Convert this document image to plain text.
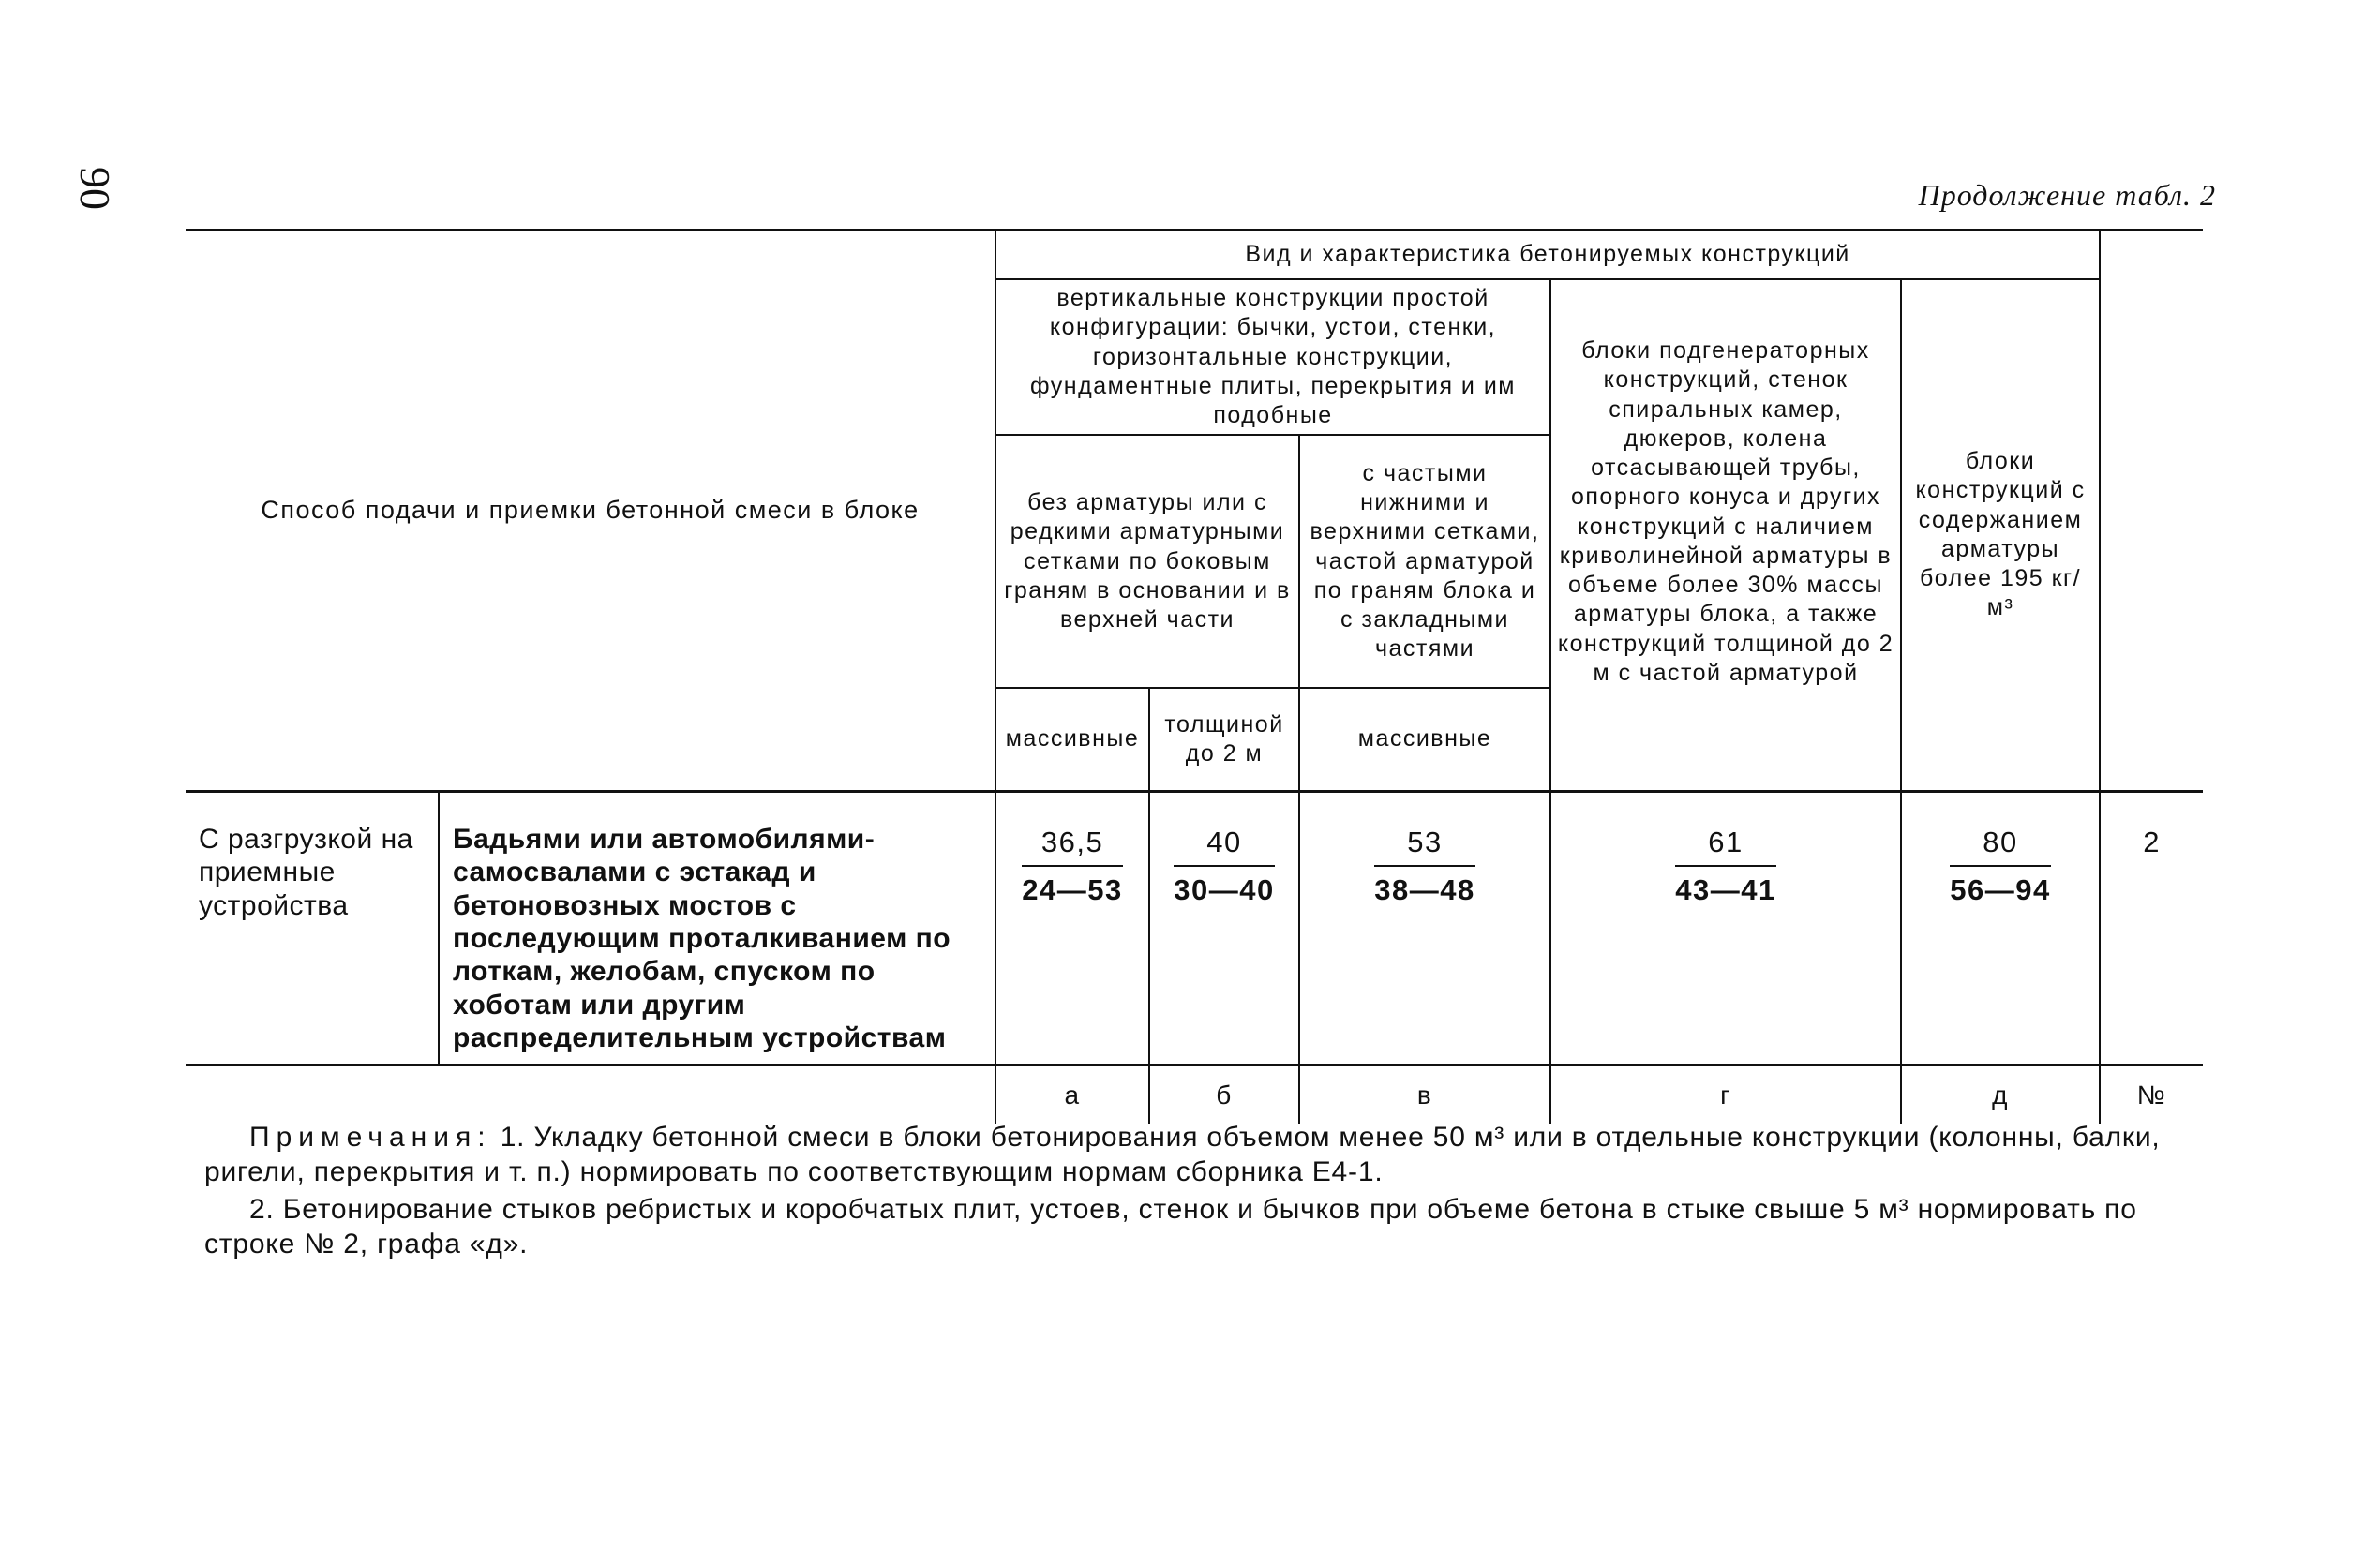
90	Продолжение табл. 2
Способ подачи и приемки бетонной смеси в блоке		Вид и характеристика бетонируемых конструкций					
		вертикальные конструкции простой конфигурации: бычки, устои, стенки, горизонтальные конструкции, фундаментные плиты, перекрытия и им подобные			блоки подгенераторных конструкций, стенок спиральных камер, дюкеров, колена отсасывающей трубы, опорного конуса и других конструкций с наличием криволинейной арматуры в объеме более 30% массы арматуры блока, а также конструкций толщиной до 2 м с частой арматурой	блоки конструкций с содержанием арматуры более 195 кг/м³	
		без арматуры или с редкими арматурными сетками по боковым граням в основании и в верхней части		с частыми нижними и верхними сетками, частой арматурой по граням блока и с закладными частями			
		массивные	толщиной до 2 м	массивные			
С разгрузкой на приемные устройства	Бадьями или автомобилями-самосвалами с эстакад и бетоновозных мостов с последующим проталкиванием по лоткам, желобам, спуском по хоботам или другим распределительным устройствам	$\frac{36,5}{24—53}$	$\frac{40}{30—40}$	$\frac{53}{38—48}$	$\frac{61}{43—41}$	$\frac{80}{56—94}$	2
		а	б	в	г	д	№

Примечания: 1. Укладку бетонной смеси в блоки бетонирования объемом менее 50 м³ или в отдельные конструкции (колонны, балки, ригели, перекрытия и т. п.) нормировать по соответствующим нормам сборника Е4-1.

2. Бетонирование стыков ребристых и коробчатых плит, устоев, стенок и бычков при объеме бетона в стыке свыше 5 м³ нормировать по строке № 2, графа «д».
